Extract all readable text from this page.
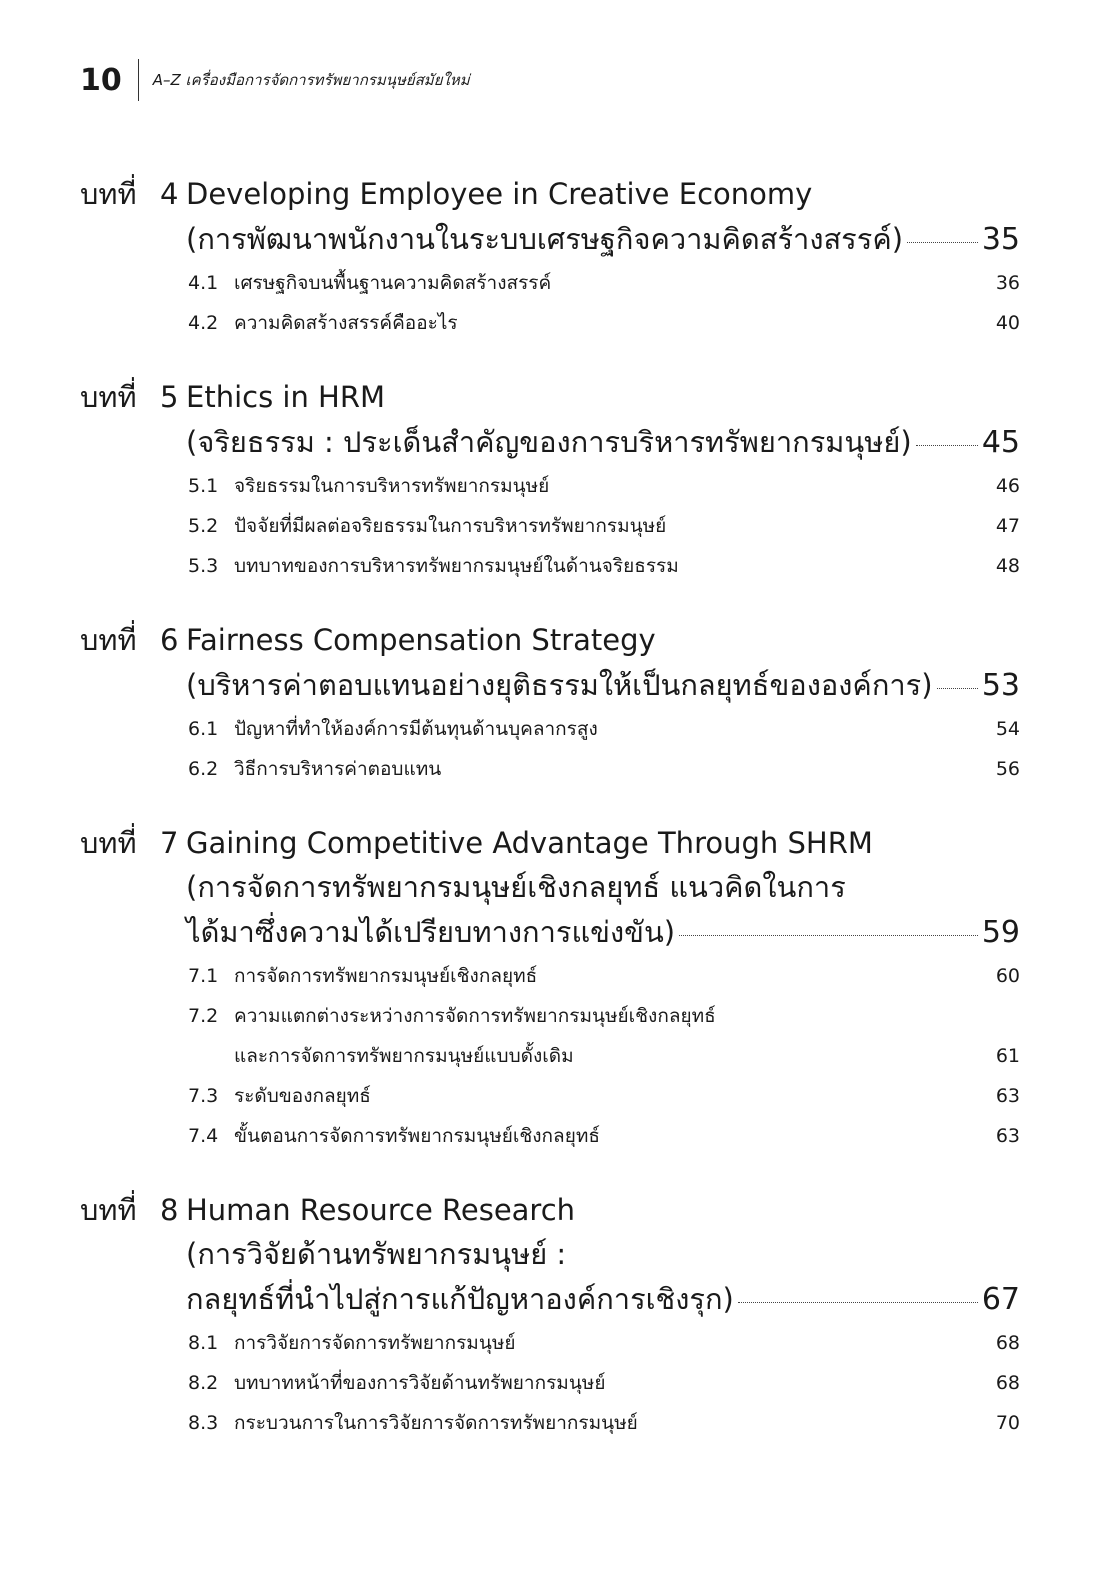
10	A–Z เครื่องมือการจัดการทรัพยากรมนุษย์สมัยใหม่
บทที่ 4 Developing Employee in Creative Economy
(การพัฒนาพนักงานในระบบเศรษฐกิจความคิดสร้างสรรค์)	35
4.1 เศรษฐกิจบนพื้นฐานความคิดสร้างสรรค์	36
4.2 ความคิดสร้างสรรค์คืออะไร	40
บทที่ 5 Ethics in HRM
(จริยธรรม : ประเด็นสำคัญของการบริหารทรัพยากรมนุษย์) 45
5.1 จริยธรรมในการบริหารทรัพยากรมนุษย์	46
5.2 ปัจจัยที่มีผลต่อจริยธรรมในการบริหารทรัพยากรมนุษย์	47
5.3 บทบาทของการบริหารทรัพยากรมนุษย์ในด้านจริยธรรม	48
บทที่ 6 Fairness Compensation Strategy
(บริหารค่าตอบแทนอย่างยุติธรรมให้เป็นกลยุทธ์ขององค์การ) 53
6.1 ปัญหาที่ทำให้องค์การมีต้นทุนด้านบุคลากรสูง	54
6.2 วิธีการบริหารค่าตอบแทน	56
บทที่ 7 Gaining Competitive Advantage Through SHRM
(การจัดการทรัพยากรมนุษย์เชิงกลยุทธ์ แนวคิดในการ
ได้มาซึ่งความได้เปรียบทางการแข่งขัน)	59
7.1 การจัดการทรัพยากรมนุษย์เชิงกลยุทธ์	60
7.2 ความแตกต่างระหว่างการจัดการทรัพยากรมนุษย์เชิงกลยุทธ์
และการจัดการทรัพยากรมนุษย์แบบดั้งเดิม	61
7.3 ระดับของกลยุทธ์	63
7.4 ขั้นตอนการจัดการทรัพยากรมนุษย์เชิงกลยุทธ์	63
บทที่ 8 Human Resource Research
(การวิจัยด้านทรัพยากรมนุษย์ :
กลยุทธ์ที่นำไปสู่การแก้ปัญหาองค์การเชิงรุก)	67
8.1 การวิจัยการจัดการทรัพยากรมนุษย์	68
8.2 บทบาทหน้าที่ของการวิจัยด้านทรัพยากรมนุษย์	68
8.3 กระบวนการในการวิจัยการจัดการทรัพยากรมนุษย์	70
